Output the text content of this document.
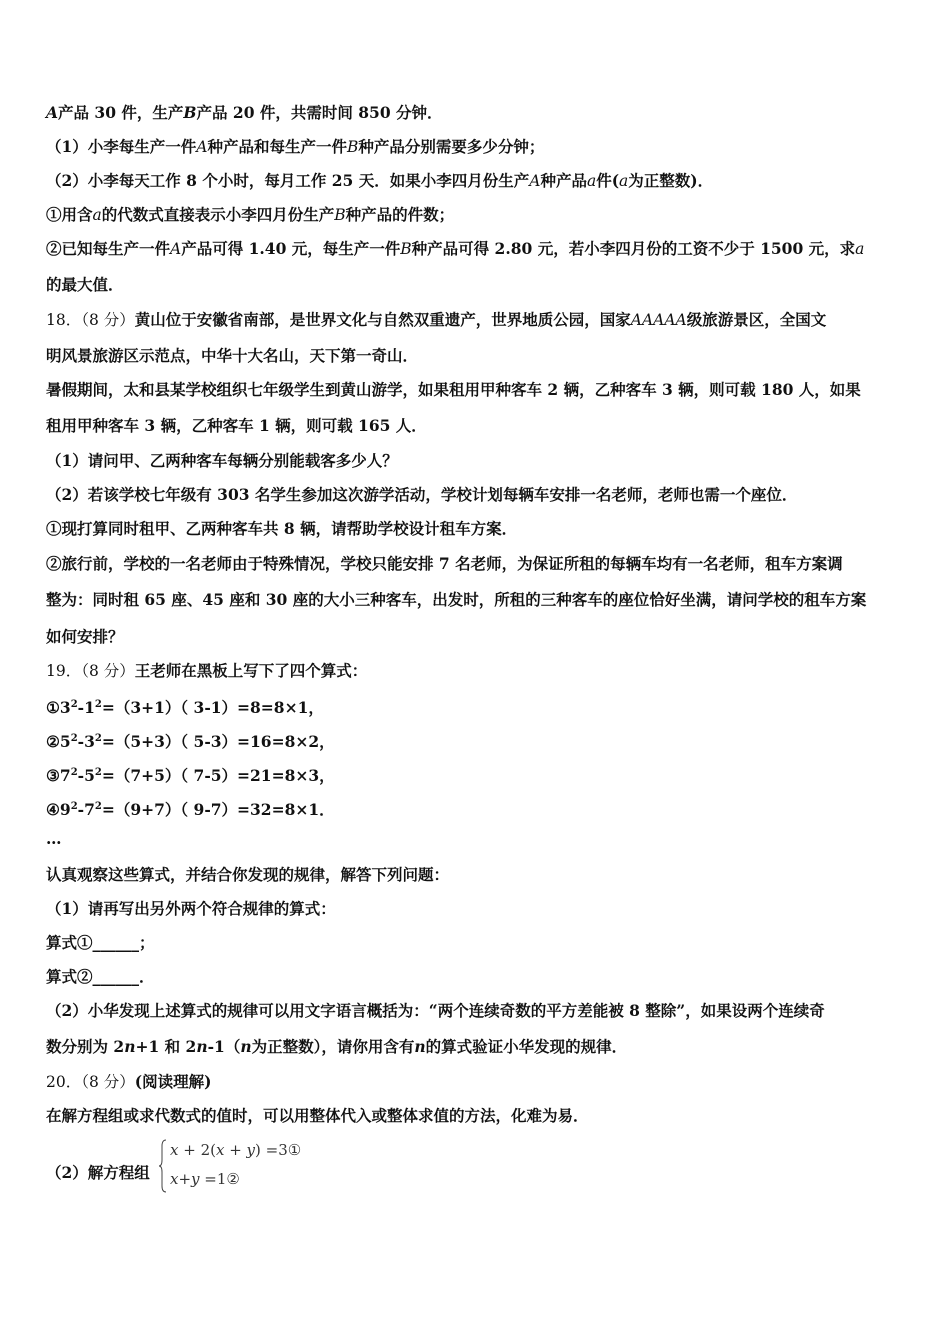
A产品 30 件，生产B产品 20 件，共需时间 850 分钟．
（1）小李每生产一件A种产品和每生产一件B种产品分别需要多少分钟；
（2）小李每天工作 8 个小时，每月工作 25 天．如果小李四月份生产A种产品a件(a为正整数)．
①用含a的代数式直接表示小李四月份生产B种产品的件数；
②已知每生产一件A产品可得 1.40 元，每生产一件B种产品可得 2.80 元，若小李四月份的工资不少于 1500 元，求a
的最大值．
18．（8 分）黄山位于安徽省南部，是世界文化与自然双重遗产，世界地质公园，国家AAAAA级旅游景区，全国文
明风景旅游区示范点，中华十大名山，天下第一奇山．
暑假期间，太和县某学校组织七年级学生到黄山游学，如果租用甲种客车 2 辆，乙种客车 3 辆，则可载 180 人，如果
租用甲种客车 3 辆，乙种客车 1 辆，则可载 165 人．
（1）请问甲、乙两种客车每辆分别能载客多少人？
（2）若该学校七年级有 303 名学生参加这次游学活动，学校计划每辆车安排一名老师，老师也需一个座位．
①现打算同时租甲、乙两种客车共 8 辆，请帮助学校设计租车方案．
②旅行前，学校的一名老师由于特殊情况，学校只能安排 7 名老师，为保证所租的每辆车均有一名老师，租车方案调
整为：同时租 65 座、45 座和 30 座的大小三种客车，出发时，所租的三种客车的座位恰好坐满，请问学校的租车方案
如何安排？
19．（8 分）王老师在黑板上写下了四个算式：
$①3^2-1^2=(3+1)$（ 3-1）=8=8×1，
$②5^2-3^2=(5+3)$（ 5-3）=16=8×2，
$③7^2-5^2=(7+5)$（ 7-5）=21=8×3，
$④9^2-7^2=(9+7)$（ 9-7）=32=8×1．
…
认真观察这些算式，并结合你发现的规律，解答下列问题：
（1）请再写出另外两个符合规律的算式：
算式①______；
算式②______．
（2）小华发现上述算式的规律可以用文字语言概括为：“两个连续奇数的平方差能被 8 整除”，如果设两个连续奇
数分别为 2n+1 和 2n-1（n为正整数），请你用含有n的算式验证小华发现的规律．
20．（8 分）(阅读理解)
在解方程组或求代数式的值时，可以用整体代入或整体求值的方法，化难为易．
（2）解方程组
x + 2(x + y) =3①
x+y =1②
